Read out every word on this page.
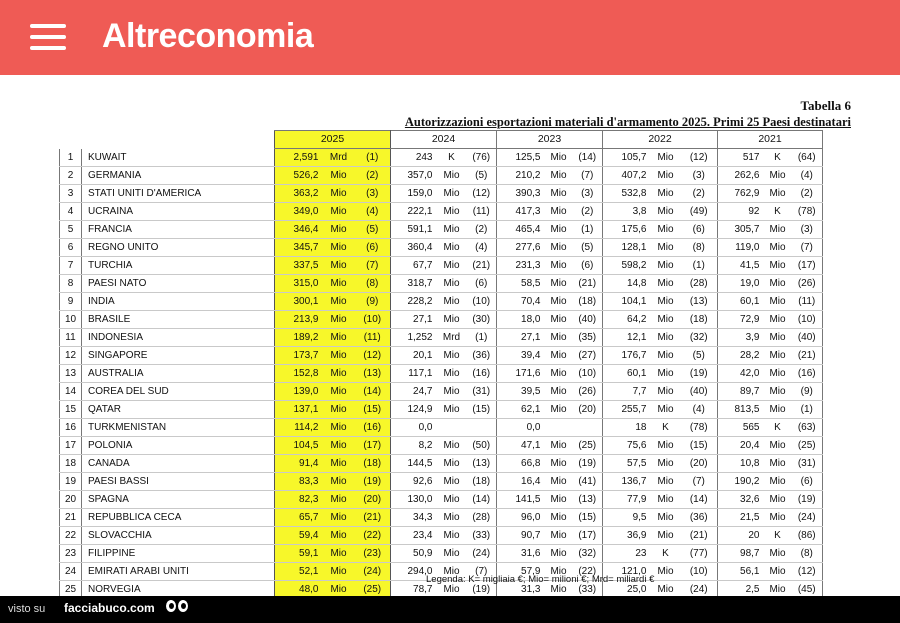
Altreconomia
Tabella 6
Autorizzazioni esportazioni materiali d'armamento 2025. Primi 25 Paesi destinatari
		2025			2024			2023			2022			2021		
1	KUWAIT	2,591	Mrd	(1)	243	K	(76)	125,5	Mio	(14)	105,7	Mio	(12)	517	K	(64)
2	GERMANIA	526,2	Mio	(2)	357,0	Mio	(5)	210,2	Mio	(7)	407,2	Mio	(3)	262,6	Mio	(4)
3	STATI UNITI D'AMERICA	363,2	Mio	(3)	159,0	Mio	(12)	390,3	Mio	(3)	532,8	Mio	(2)	762,9	Mio	(2)
4	UCRAINA	349,0	Mio	(4)	222,1	Mio	(11)	417,3	Mio	(2)	3,8	Mio	(49)	92	K	(78)
5	FRANCIA	346,4	Mio	(5)	591,1	Mio	(2)	465,4	Mio	(1)	175,6	Mio	(6)	305,7	Mio	(3)
6	REGNO UNITO	345,7	Mio	(6)	360,4	Mio	(4)	277,6	Mio	(5)	128,1	Mio	(8)	119,0	Mio	(7)
7	TURCHIA	337,5	Mio	(7)	67,7	Mio	(21)	231,3	Mio	(6)	598,2	Mio	(1)	41,5	Mio	(17)
8	PAESI NATO	315,0	Mio	(8)	318,7	Mio	(6)	58,5	Mio	(21)	14,8	Mio	(28)	19,0	Mio	(26)
9	INDIA	300,1	Mio	(9)	228,2	Mio	(10)	70,4	Mio	(18)	104,1	Mio	(13)	60,1	Mio	(11)
10	BRASILE	213,9	Mio	(10)	27,1	Mio	(30)	18,0	Mio	(40)	64,2	Mio	(18)	72,9	Mio	(10)
11	INDONESIA	189,2	Mio	(11)	1,252	Mrd	(1)	27,1	Mio	(35)	12,1	Mio	(32)	3,9	Mio	(40)
12	SINGAPORE	173,7	Mio	(12)	20,1	Mio	(36)	39,4	Mio	(27)	176,7	Mio	(5)	28,2	Mio	(21)
13	AUSTRALIA	152,8	Mio	(13)	117,1	Mio	(16)	171,6	Mio	(10)	60,1	Mio	(19)	42,0	Mio	(16)
14	COREA DEL SUD	139,0	Mio	(14)	24,7	Mio	(31)	39,5	Mio	(26)	7,7	Mio	(40)	89,7	Mio	(9)
15	QATAR	137,1	Mio	(15)	124,9	Mio	(15)	62,1	Mio	(20)	255,7	Mio	(4)	813,5	Mio	(1)
16	TURKMENISTAN	114,2	Mio	(16)	0,0			0,0			18	K	(78)	565	K	(63)
17	POLONIA	104,5	Mio	(17)	8,2	Mio	(50)	47,1	Mio	(25)	75,6	Mio	(15)	20,4	Mio	(25)
18	CANADA	91,4	Mio	(18)	144,5	Mio	(13)	66,8	Mio	(19)	57,5	Mio	(20)	10,8	Mio	(31)
19	PAESI BASSI	83,3	Mio	(19)	92,6	Mio	(18)	16,4	Mio	(41)	136,7	Mio	(7)	190,2	Mio	(6)
20	SPAGNA	82,3	Mio	(20)	130,0	Mio	(14)	141,5	Mio	(13)	77,9	Mio	(14)	32,6	Mio	(19)
21	REPUBBLICA CECA	65,7	Mio	(21)	34,3	Mio	(28)	96,0	Mio	(15)	9,5	Mio	(36)	21,5	Mio	(24)
22	SLOVACCHIA	59,4	Mio	(22)	23,4	Mio	(33)	90,7	Mio	(17)	36,9	Mio	(21)	20	K	(86)
23	FILIPPINE	59,1	Mio	(23)	50,9	Mio	(24)	31,6	Mio	(32)	23	K	(77)	98,7	Mio	(8)
24	EMIRATI ARABI UNITI	52,1	Mio	(24)	294,0	Mio	(7)	57,9	Mio	(22)	121,0	Mio	(10)	56,1	Mio	(12)
25	NORVEGIA	48,0	Mio	(25)	78,7	Mio	(19)	31,3	Mio	(33)	25,0	Mio	(24)	2,5	Mio	(45)
Legenda: K= migliaia €; Mio= milioni €; Mrd= miliardi €
visto su facciabuco.com
